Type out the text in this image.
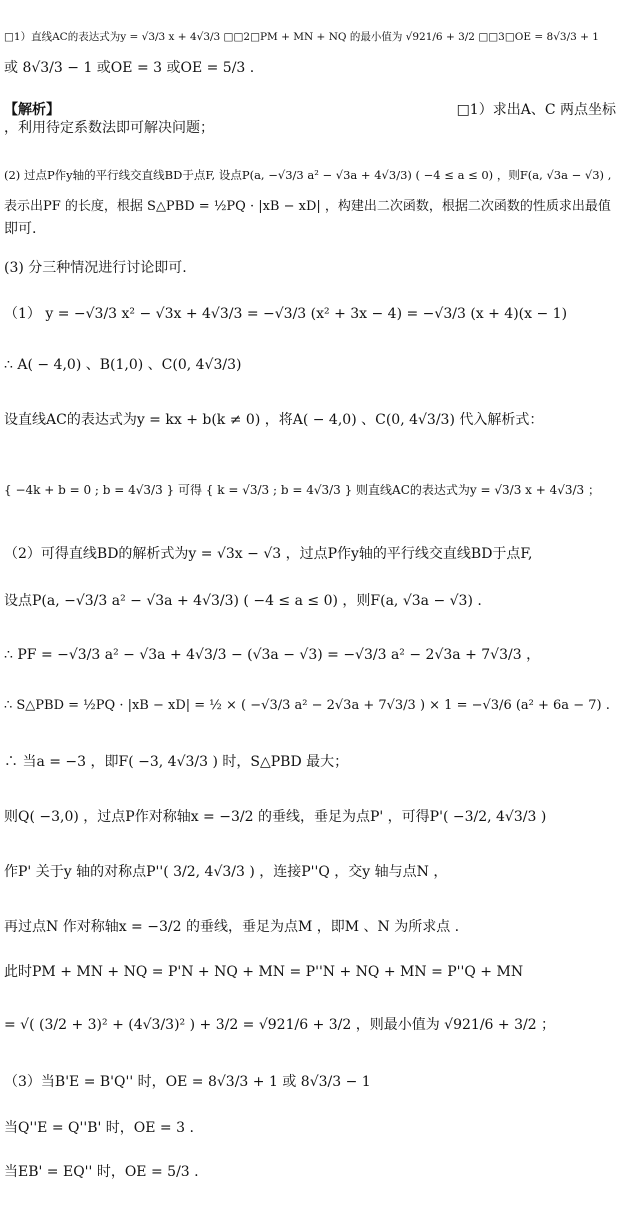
□1）直线AC的表达式为y = √3/3 x + 4√3/3 □□2□PM + MN + NQ 的最小值为 √921/6 + 3/2 □□3□OE = 8√3/3 + 1
或 8√3/3 − 1 或OE = 3 或OE = 5/3 .
【解析】	□1）求出A、C 两点坐标
，利用待定系数法即可解决问题；
(2) 过点P作y轴的平行线交直线BD于点F, 设点P(a, −√3/3 a² − √3a + 4√3/3) ( −4 ≤ a ≤ 0) ，则F(a, √3a − √3) ,
表示出PF 的长度，根据 S△PBD = ½PQ · |xB − xD| ，构建出二次函数，根据二次函数的性质求出最值
即可.
(3) 分三种情况进行讨论即可.
（1） y = −√3/3 x² − √3x + 4√3/3 = −√3/3 (x² + 3x − 4) = −√3/3 (x + 4)(x − 1)
∴ A( − 4,0) 、B(1,0) 、C(0, 4√3/3)
设直线AC的表达式为y = kx + b(k ≠ 0) ，将A( − 4,0) 、C(0, 4√3/3) 代入解析式：
{ −4k + b = 0 ; b = 4√3/3 } 可得 { k = √3/3 ; b = 4√3/3 } 则直线AC的表达式为y = √3/3 x + 4√3/3 ；
（2）可得直线BD的解析式为y = √3x − √3 ，过点P作y轴的平行线交直线BD于点F,
设点P(a, −√3/3 a² − √3a + 4√3/3) ( −4 ≤ a ≤ 0) ，则F(a, √3a − √3) .
∴ PF = −√3/3 a² − √3a + 4√3/3 − (√3a − √3) = −√3/3 a² − 2√3a + 7√3/3 ，
∴ S△PBD = ½PQ · |xB − xD| = ½ × ( −√3/3 a² − 2√3a + 7√3/3 ) × 1 = −√3/6 (a² + 6a − 7) .
∴ 当a = −3 ，即F( −3, 4√3/3 ) 时，S△PBD 最大；
则Q( −3,0) ，过点P作对称轴x = −3/2 的垂线，垂足为点P' ，可得P'( −3/2, 4√3/3 )
作P' 关于y 轴的对称点P''( 3/2, 4√3/3 ) ，连接P''Q ，交y 轴与点N ，
再过点N 作对称轴x = −3/2 的垂线，垂足为点M ，即M 、N 为所求点 .
此时PM + MN + NQ = P'N + NQ + MN = P''N + NQ + MN = P''Q + MN
= √( (3/2 + 3)² + (4√3/3)² ) + 3/2 = √921/6 + 3/2 ，则最小值为 √921/6 + 3/2 ；
（3）当B'E = B'Q'' 时，OE = 8√3/3 + 1 或 8√3/3 − 1
当Q''E = Q''B' 时，OE = 3 .
当EB' = EQ'' 时，OE = 5/3 .
